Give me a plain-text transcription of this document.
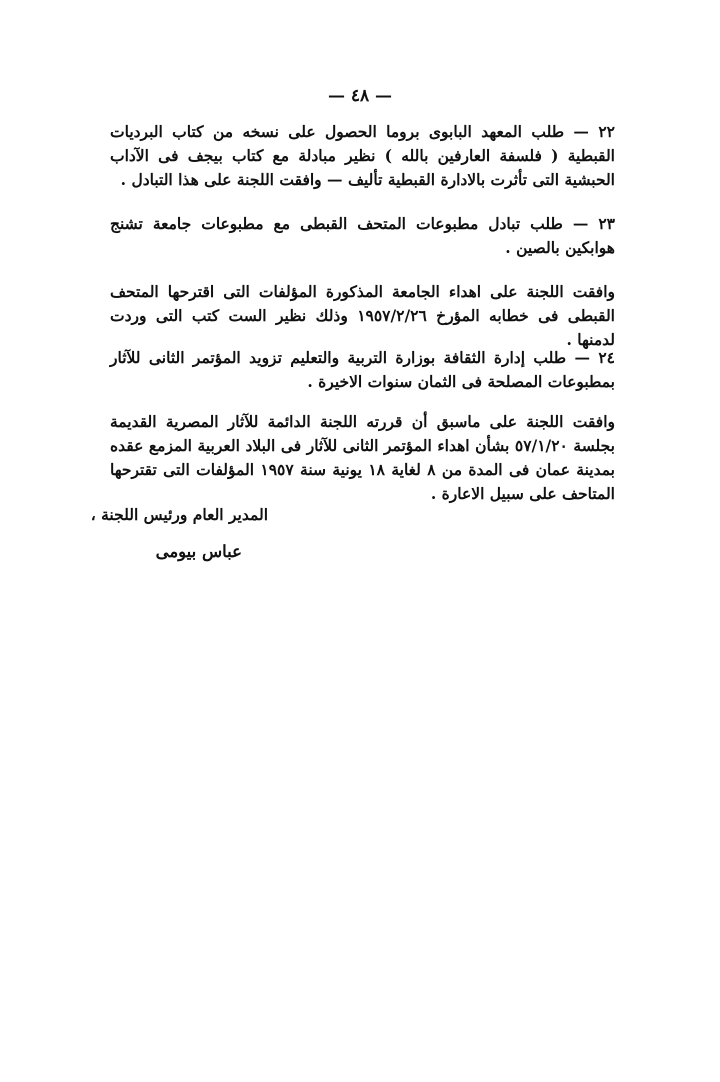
— ٤٨ —

٢٢ — طلب المعهد البابوى بروما الحصول على نسخه من كتاب البرديات القبطية ( فلسفة العارفين بالله ) نظير مبادلة مع كتاب بيجف فى الآداب الحبشية التى تأثرت بالادارة القبطية تأليف — وافقت اللجنة على هذا التبادل .

٢٣ — طلب تبادل مطبوعات المتحف القبطى مع مطبوعات جامعة تشنج هوابكين بالصين .

وافقت اللجنة على اهداء الجامعة المذكورة المؤلفات التى اقترحها المتحف القبطى فى خطابه المؤرخ ١٩٥٧/٢/٢٦ وذلك نظير الست كتب التى وردت لدمنها .

٢٤ — طلب إدارة الثقافة بوزارة التربية والتعليم تزويد المؤتمر الثانى للآثار بمطبوعات المصلحة فى الثمان سنوات الاخيرة .

وافقت اللجنة على ماسبق أن قررته اللجنة الدائمة للآثار المصرية القديمة بجلسة ٥٧/١/٢٠ بشأن اهداء المؤتمر الثانى للآثار فى البلاد العربية المزمع عقده بمدينة عمان فى المدة من ٨ لغاية ١٨ يونية سنة ١٩٥٧ المؤلفات التى تقترحها المتاحف على سبيل الاعارة .

المدير العام ورئيس اللجنة ،
عباس بيومى
